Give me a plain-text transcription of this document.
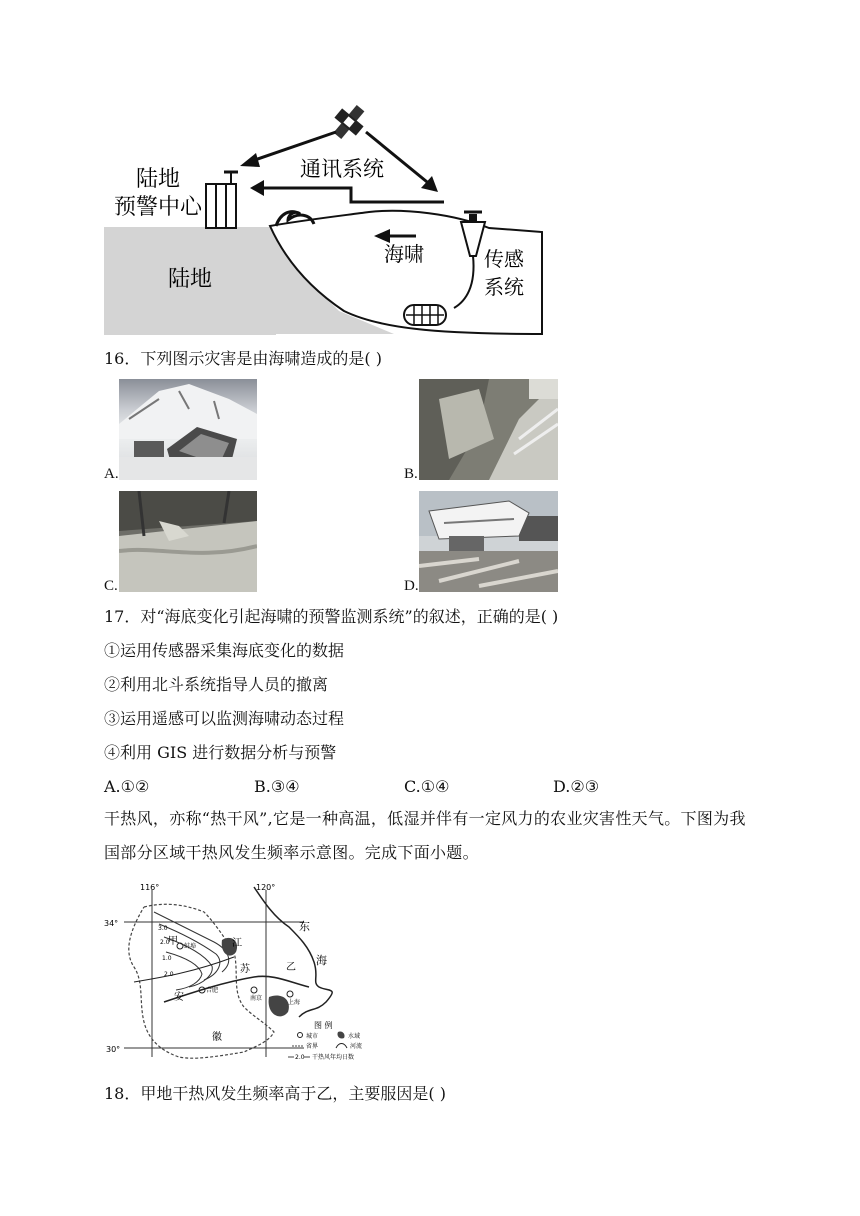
通讯系统
陆地
预警中心
陆地
海啸	传感
系统
16．下列图示灾害是由海啸造成的是( )
A.	B.
C.	D.
17．对“海底变化引起海啸的预警监测系统”的叙述，正确的是( )
①运用传感器采集海底变化的数据
②利用北斗系统指导人员的撤离
③运用遥感可以监测海啸动态过程
④利用 GIS 进行数据分析与预警
A.①②	B.③④	C.①④	D.②③
干热风，亦称“热干风”,它是一种高温，低湿并伴有一定风力的农业灾害性天气。下图为我国部分区域干热风发生频率示意图。完成下面小题。
116°	120°
34°
30°
东
海
甲	江
苏	乙
安
徽
蚌埠
合肥
南京
上海
3.0
2.0
1.0
2.0
图 例
城市	水域
省界	河流
2.0 干热风年均日数
18．甲地干热风发生频率高于乙，主要服因是( )
